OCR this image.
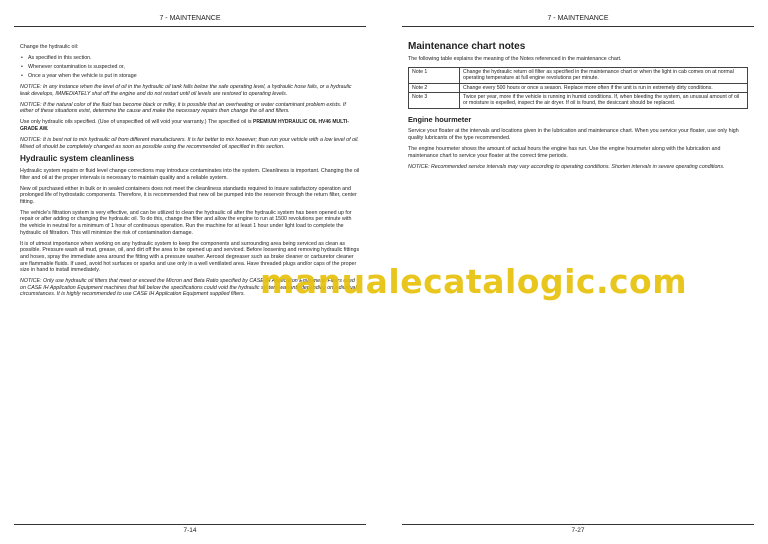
7 - MAINTENANCE

Change the hydraulic oil:

• As specified in this section.
• Whenever contamination is suspected or,
• Once a year when the vehicle is put in storage

NOTICE: In any instance when the level of oil in the hydraulic oil tank falls below the safe operating level, a hydraulic hose fails, or a hydraulic leak develops, IMMEDIATELY shut off the engine and do not restart until oil levels are restored to operating levels.

NOTICE: If the natural color of the fluid has become black or milky, it is possible that an overheating or water contaminant problem exists. If either of these situations exist, determine the cause and make the necessary repairs then change the oil and filters.

Use only hydraulic oils specified. (Use of unspecified oil will void your warranty.) The specified oil is PREMIUM HYDRAULIC OIL HV46 MULTI-GRADE AW.

NOTICE: It is best not to mix hydraulic oil from different manufacturers. It is far better to mix however; than run your vehicle with a low level of oil. Mixed oil should be completely changed as soon as possible using the recommended oil specified in this section.

Hydraulic system cleanliness

Hydraulic system repairs or fluid level change corrections may introduce contaminates into the system. Cleanliness is important. Changing the oil filter and oil at the proper intervals is necessary to maintain quality and a reliable system.

New oil purchased either in bulk or in sealed containers does not meet the cleanliness standards required to insure satisfactory operation and prolonged life of hydrostatic components. Therefore, it is recommended that new oil be pumped into the reservoir through the return filter, center fitting.

The vehicle's filtration system is very effective, and can be utilized to clean the hydraulic oil after the hydraulic system has been opened up for repair or after adding or changing the hydraulic oil. To do this, change the filter and allow the engine to run at 1500 revolutions per minute with the vehicle in neutral for a minimum of 1 hour of continuous operation. Run the machine for at least 1 hour under light load to complete the hydraulic oil filtration. This will minimize the risk of contamination damage.

It is of utmost importance when working on any hydraulic system to keep the components and surrounding area being serviced as clean as possible. Pressure wash all mud, grease, oil, and dirt off the area to be opened up and serviced. Before loosening and removing hydraulic fittings and hoses, spray the immediate area around the fitting with a pressure washer. Aerosol degreaser such as brake cleaner or carburetor cleaner are flammable fluids. If used, avoid hot surfaces or sparks and use only in a well ventilated area. Have threaded plugs and/or caps of the proper size in hand to install immediately.

NOTICE: Only use hydraulic oil filters that meet or exceed the Micron and Beta Ratio specified by CASE IH Application Equipment. Filters used on CASE IH Application Equipment machines that fall below the specifications could void the hydraulic system warranty depending on individual circumstances. It is highly recommended to use CASE IH Application Equipment supplied filters.

7-14
7 - MAINTENANCE
Maintenance chart notes

The following table explains the meaning of the Notes referenced in the maintenance chart.

Note 1	Change the hydraulic return oil filter as specified in the maintenance chart or when the light in cab comes on at normal operating temperature at full engine revolutions per minute.
Note 2	Change every 500 hours or once a season. Replace more often if the unit is run in extremely dirty conditions.
Note 3	Twice per year, more if the vehicle is running in humid conditions. If, when bleeding the system, an unusual amount of oil or moisture is expelled, inspect the air dryer. If oil is found, the desiccant should be replaced.
Engine hourmeter

Service your floater at the intervals and locations given in the lubrication and maintenance chart. When you service your floater, use only high quality lubricants of the type recommended.

The engine hourmeter shows the amount of actual hours the engine has run. Use the engine hourmeter along with the lubrication and maintenance chart to service your floater at the correct time periods.

NOTICE: Recommended service intervals may vary according to operating conditions. Shorten intervals in severe operating conditions.

7-27
manualecatalogic.com
